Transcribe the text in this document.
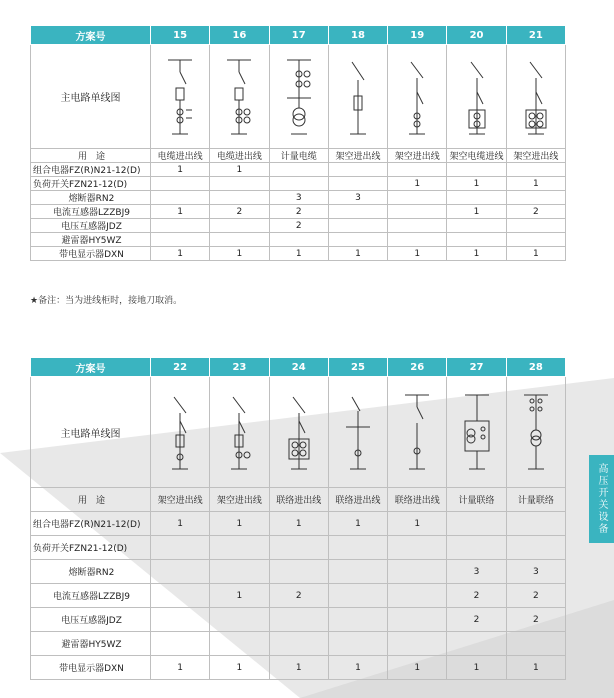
方案号	15	16	17	18	19	20	21
主电路单线图	

用　途	电缆进出线	电缆进出线	计量电缆	架空进出线	架空进出线	架空电缆进线	架空进出线
组合电器FZ(R)N21-12(D)	1	1					
负荷开关FZN21-12(D)					1	1	1
熔断器RN2			3	3			
电流互感器LZZBJ9	1	2	2			1	2
电压互感器JDZ			2				
避雷器HY5WZ							
带电显示器DXN	1	1	1	1	1	1	1
★备注：当为进线柜时，接地刀取消。
方案号	22	23	24	25	26	27	28
主电路单线图	

用　途	架空进出线	架空进出线	联络进出线	联络进出线	联络进出线	计量联络	计量联络
组合电器FZ(R)N21-12(D)	1	1	1	1	1		
负荷开关FZN21-12(D)							
熔断器RN2						3	3
电流互感器LZZBJ9		1	2			2	2
电压互感器JDZ						2	2
避雷器HY5WZ							
带电显示器DXN	1	1	1	1	1	1	1
高压开关设备
